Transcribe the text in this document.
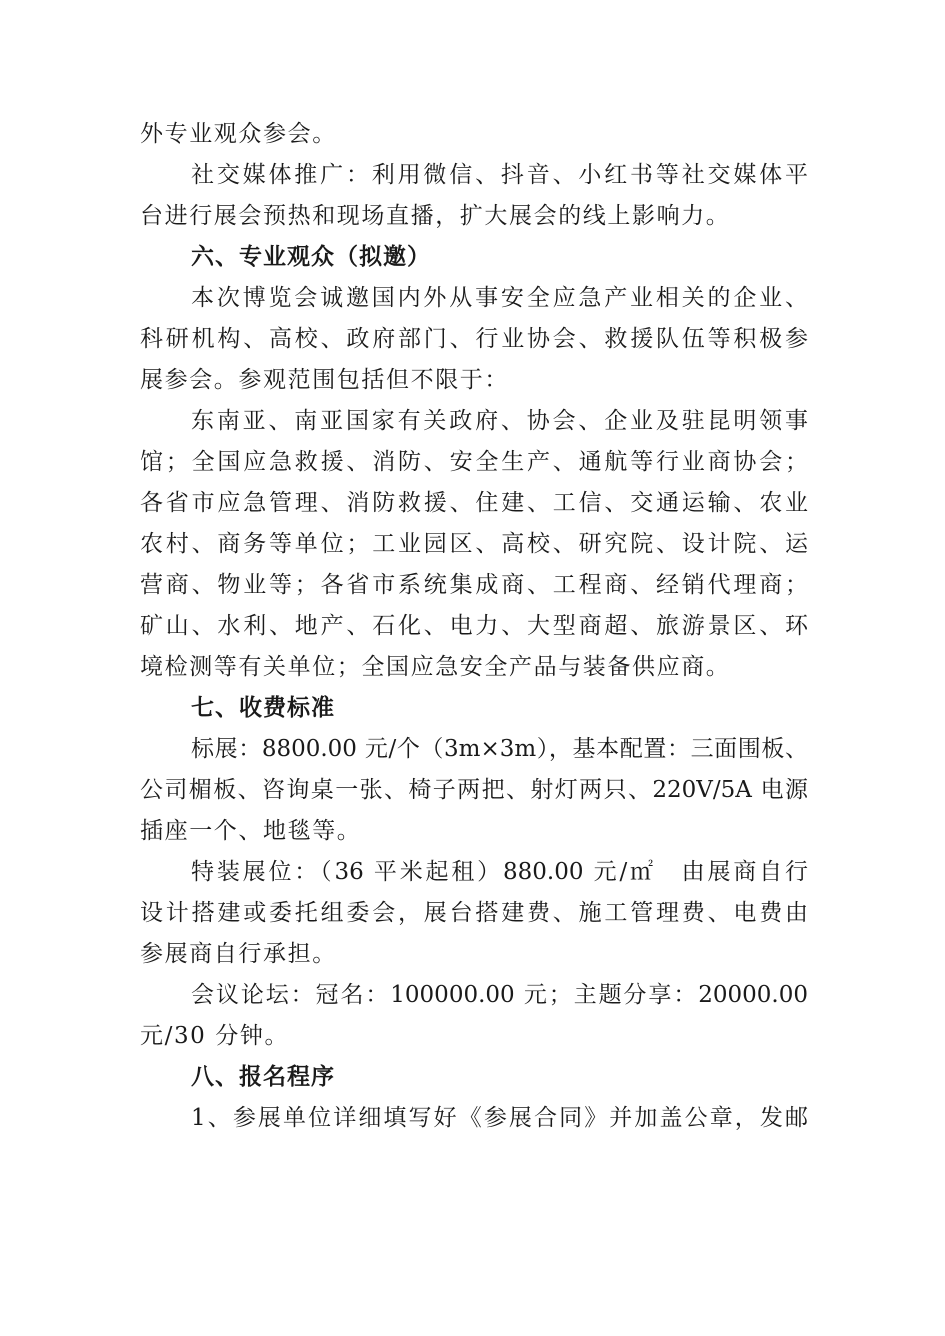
外专业观众参会。
社交媒体推广：利用微信、抖音、小红书等社交媒体平
台进行展会预热和现场直播，扩大展会的线上影响力。
六、专业观众（拟邀）
本次博览会诚邀国内外从事安全应急产业相关的企业、
科研机构、高校、政府部门、行业协会、救援队伍等积极参
展参会。参观范围包括但不限于：
东南亚、南亚国家有关政府、协会、企业及驻昆明领事
馆；全国应急救援、消防、安全生产、通航等行业商协会；
各省市应急管理、消防救援、住建、工信、交通运输、农业
农村、商务等单位；工业园区、高校、研究院、设计院、运
营商、物业等；各省市系统集成商、工程商、经销代理商；
矿山、水利、地产、石化、电力、大型商超、旅游景区、环
境检测等有关单位；全国应急安全产品与装备供应商。
七、收费标准
标展：8800.00 元/个（3m×3m），基本配置：三面围板、
公司楣板、咨询桌一张、椅子两把、射灯两只、220V/5A 电源
插座一个、地毯等。
特装展位：（36 平米起租）880.00 元/㎡　由展商自行
设计搭建或委托组委会，展台搭建费、施工管理费、电费由
参展商自行承担。
会议论坛：冠名：100000.00 元；主题分享：20000.00
元/30 分钟。
八、报名程序
1、参展单位详细填写好《参展合同》并加盖公章，发邮
